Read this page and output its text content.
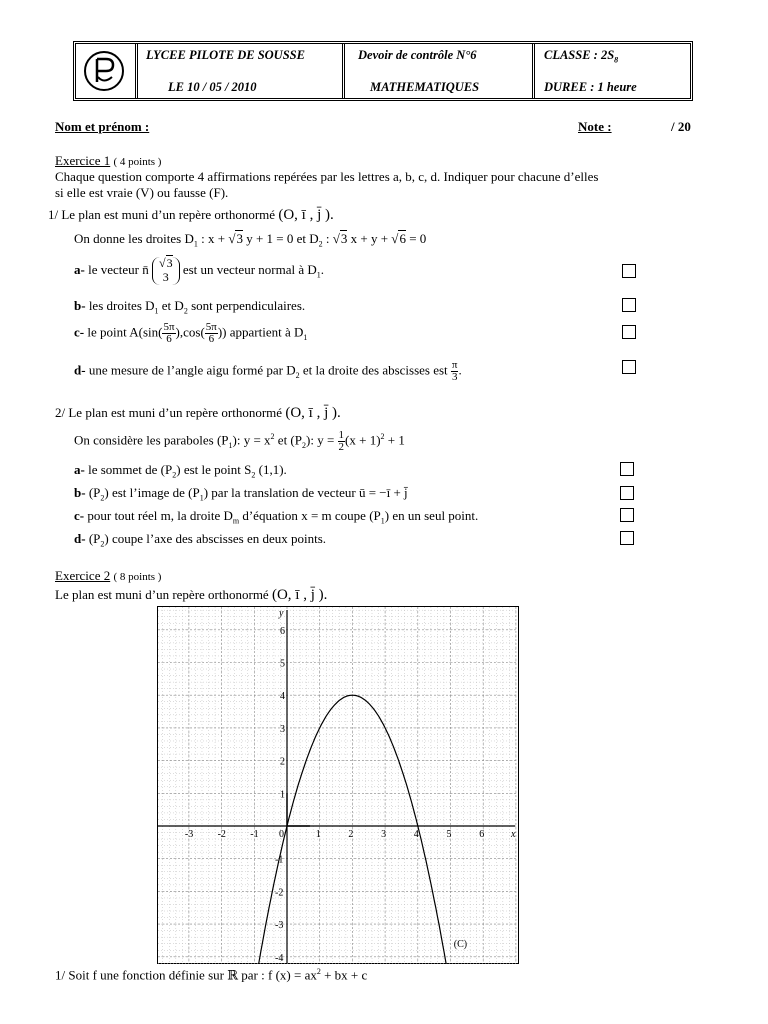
LYCEE PILOTE DE SOUSSE
LE 10 / 05 / 2010
Devoir de contrôle N°6
MATHEMATIQUES
CLASSE : $2S_8$
DUREE : 1 heure
Nom et prénom :	Note :	/ 20
Exercice 1 ( 4 points )
Chaque question comporte 4 affirmations repérées par les lettres a, b, c, d. Indiquer pour chacune d’elles
si elle est vraie (V) ou fausse (F).
1/ Le plan est muni d’un repère orthonormé (O, ī , j̄ ).
On donne les droites $D_1$ : x + √3 y + 1 = 0 et $D_2$ : √3 x + y + √6 = 0
a- le vecteur n̄ √3
3 est un vecteur normal à $D_1$.
b- les droites $D_1$ et $D_2$ sont perpendiculaires.
c- le point $A(\sin( \frac{5\pi}{6} ),\cos( \frac{5\pi}{6}$ )) appartient à $D_1$
d- une mesure de l’angle aigu formé par $D_2$ et la droite des abscisses est $\frac{\pi}{3}$ .
2/ Le plan est muni d’un repère orthonormé (O, ī , j̄ ).
On considère les paraboles $(P_1)$: $y = x^2$ et $(P_2)$: $y = \frac{1}{2} (x + 1)^2 + 1$
a- le sommet de $(P_2)$ est le point $S_2$ (1,1).
b- $(P_2)$ est l’image de $(P_1)$ par la translation de vecteur ū = −ī + j̄
c- pour tout réel m, la droite $D_m$ d’équation x = m coupe $(P_1)$ en un seul point.
d- $(P_2)$ coupe l’axe des abscisses en deux points.
Exercice 2 ( 8 points )
Le plan est muni d’un repère orthonormé (O, ī , j̄ ).
-3 -2 -1 0	1	2	3	4	5	6
-4
-3
-2
-1
1
2
3
4
5
6
x
y
(C)
1/ Soit f une fonction définie sur ℝ par : f $(x) = ax^2$ + bx + c
